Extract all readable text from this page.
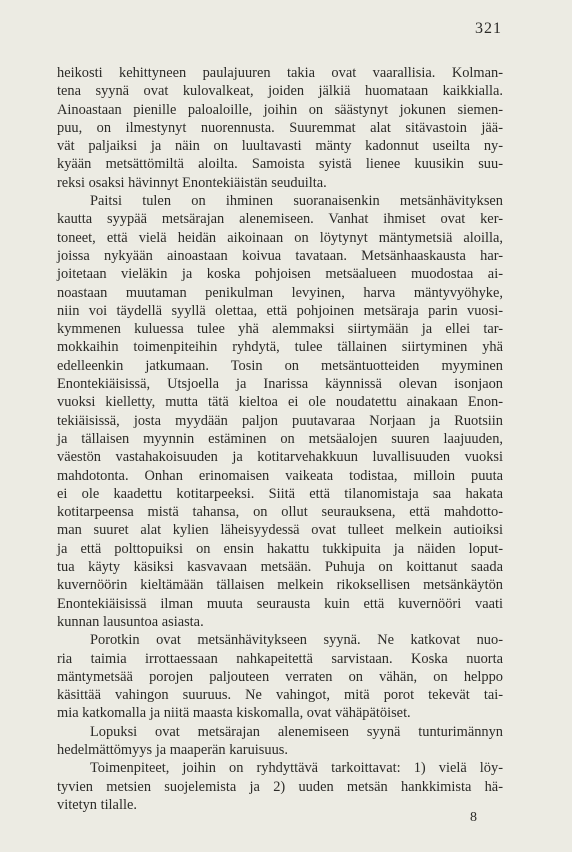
321
heikosti kehittyneen paulajuuren takia ovat vaarallisia. Kolman-
tena syynä ovat kulovalkeat, joiden jälkiä huomataan kaikkialla.
Ainoastaan pienille paloaloille, joihin on säästynyt jokunen siemen-
puu, on ilmestynyt nuorennusta. Suuremmat alat sitävastoin jää-
vät paljaiksi ja näin on luultavasti mänty kadonnut useilta ny-
kyään metsättömiltä aloilta. Samoista syistä lienee kuusikin suu-
reksi osaksi hävinnyt Enontekiäistän seuduilta.
Paitsi tulen on ihminen suoranaisenkin metsänhävityksen
kautta syypää metsärajan alenemiseen. Vanhat ihmiset ovat ker-
toneet, että vielä heidän aikoinaan on löytynyt mäntymetsiä aloilla,
joissa nykyään ainoastaan koivua tavataan. Metsänhaaskausta har-
joitetaan vieläkin ja koska pohjoisen metsäalueen muodostaa ai-
noastaan muutaman penikulman levyinen, harva mäntyvyöhyke,
niin voi täydellä syyllä olettaa, että pohjoinen metsäraja parin vuosi-
kymmenen kuluessa tulee yhä alemmaksi siirtymään ja ellei tar-
mokkaihin toimenpiteihin ryhdytä, tulee tällainen siirtyminen yhä
edelleenkin jatkumaan. Tosin on metsäntuotteiden myyminen
Enontekiäisissä, Utsjoella ja Inarissa käynnissä olevan isonjaon
vuoksi kielletty, mutta tätä kieltoa ei ole noudatettu ainakaan Enon-
tekiäisissä, josta myydään paljon puutavaraa Norjaan ja Ruotsiin
ja tällaisen myynnin estäminen on metsäalojen suuren laajuuden,
väestön vastahakoisuuden ja kotitarvehakkuun luvallisuuden vuoksi
mahdotonta. Onhan erinomaisen vaikeata todistaa, milloin puuta
ei ole kaadettu kotitarpeeksi. Siitä että tilanomistaja saa hakata
kotitarpeensa mistä tahansa, on ollut seurauksena, että mahdotto-
man suuret alat kylien läheisyydessä ovat tulleet melkein autioiksi
ja että polttopuiksi on ensin hakattu tukkipuita ja näiden loput-
tua käyty käsiksi kasvavaan metsään. Puhuja on koittanut saada
kuvernöörin kieltämään tällaisen melkein rikoksellisen metsänkäytön
Enontekiäisissä ilman muuta seurausta kuin että kuvernööri vaati
kunnan lausuntoa asiasta.
Porotkin ovat metsänhävitykseen syynä. Ne katkovat nuo-
ria taimia irrottaessaan nahkapeitettä sarvistaan. Koska nuorta
mäntymetsää porojen paljouteen verraten on vähän, on helppo
käsittää vahingon suuruus. Ne vahingot, mitä porot tekevät tai-
mia katkomalla ja niitä maasta kiskomalla, ovat vähäpätöiset.
Lopuksi ovat metsärajan alenemiseen syynä tunturimännyn
hedelmättömyys ja maaperän karuisuus.
Toimenpiteet, joihin on ryhdyttävä tarkoittavat: 1) vielä löy-
tyvien metsien suojelemista ja 2) uuden metsän hankkimista hä-
vitetyn tilalle.
8
